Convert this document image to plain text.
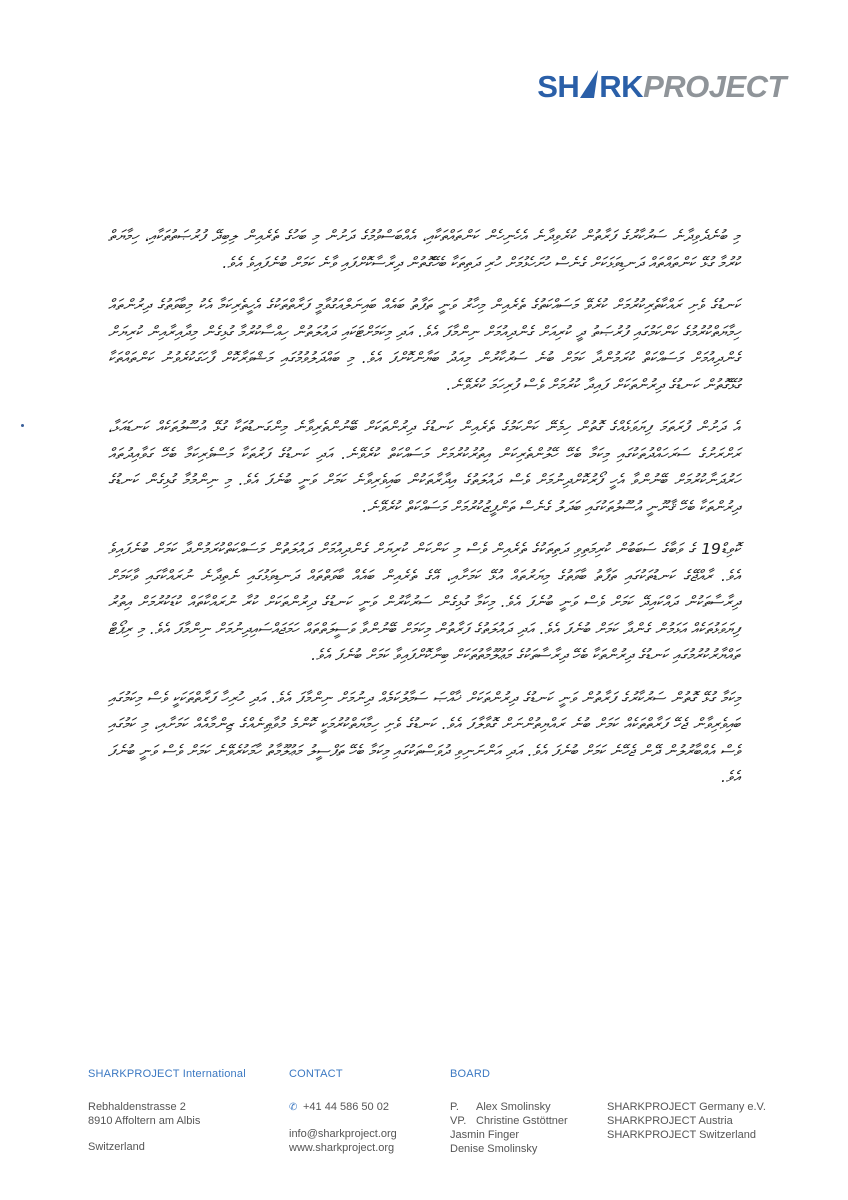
SH RKPROJECT

މި ބުނެދެވިދާނެ ސަރުކާރުގެ ފަރާތުން ކުރެވިދާނެ އެހެނިހެން ކަންތައްތަކާއި، އެއްބަސްވުމުގެ ދަށުން މި ބަހުގެ ތެރެއިން ލިބިދޭ ފުރުޞަތުތަކާއި، ހިމާޔަތް ކުރުމާ ގުޅޭ ކަންތައްތައް ދަނޑިވަޅަކަށް ގެނެސް ހުށަހެޅުމަށް ހުރި ދަތިތަކާ ބެހޭގޮތުން ދިރާސާކޮށްފައި ވާނެ ކަމަށް ބުނެފައިވެ އެވެ.

ކަނޑުގެ ވެށި ރައްކާތެރިކުރުމަށް ކުރެވޭ މަސައްކަތުގެ ތެރެއިން މިހާރު ވަނީ ތަފާތު ބައެއް ބައިނަލްއަގުވާމީ ފަރާތްތަކުގެ އެހީތެރިކަމާ އެކު މިބާވަތުގެ ދިރުންތައް ހިމާޔަތްކުރުމުގެ ކަންކަމުގައި ފުރުޞަތު ދީ ކުރިއަށް ގެންދިއުމަށް ނިންމާފަ އެވެ. އަދި މިކަމަށްޓަކައި ދައުލަތުން ހިއްސާކުރުމާ ގުޅިގެން މިދާއިރާއިން ކުރިޔަށް ގެންދިއުމަށް މަސައްކަތް ކުރަމުންދާ ކަމަށް ބުނެ ސަރުކާރުން މިއަދު ބަޔާންކޮށްފަ އެވެ. މި ބައްދަލުވުމުގައި މަޝްވަރާކޮށް ފާހަގަކުރެވުނު ކަންތައްތަކާ ގުޅޭގޮތުން ކަނޑުގެ ދިރުންތަކަށް ފައިދާ ކުރުމަށް ވެސް ފުރިހަމަ ކުރެވޭނެ.

އެ ދަށުން ފުރަތަމަ ފިޔަވަޅެއްގެ ގޮތުން ހިމެނޭ ކަންކަމުގެ ތެރެއިން ކަނޑުގެ ދިރުންތަކަށް ބޭނުންތެރިވާނެ މިންގަނޑުތަކާ ގުޅޭ އުސޫލުތަކެއް ކަނޑައަޅާ، ރަށްރަށުގެ ސަރަހައްދުތަކުގައި މިކަމާ ބެހޭ ހޭލުންތެރިކަން އިތުރުކުރުމަށް މަސައްކަތް ކުރެވޭނެ. އަދި ކަނޑުގެ ފަރުތަކާ މަސްވެރިކަމާ ބެހޭ ގަވާއިދުތައް ހަރުދަނާކުރުމަށް ބޭނުންވާ އެހީ ފޯރުކޮށްދިނުމަށް ވެސް ދައުލަތުގެ އިދާރާތަކުން ބައިވެރިވާނެ ކަމަށް ވަނީ ބުނެފަ އެވެ. މި ނިންމުމާ ގުޅިގެން ކަނޑުގެ ދިރުންތަކާ ބެހޭ ޤާނޫނީ އުސޫލުތަކުގައި ބަދަލު ގެނެސް ތަންފީޒުކުރުމަށް މަސައްކަތް ކުރެވޭނެ.

ކޮވިޑް19 ގެ ވަބާގެ ސަބަބުން ކުރިމަތިވި ދަތިތަކުގެ ތެރެއިން ވެސް މި ކަންކަން ކުރިޔަށް ގެންދިއުމަށް ދައުލަތުން މަސައްކަތްކުރަމުންދާ ކަމަށް ބުނެފައިވެ އެވެ. ރާއްޖޭގެ ކަނޑުތަކުގައި ތަފާތު ބާވަތުގެ މިޔަރުތައް އުޅޭ ކަމަށާއި، އޭގެ ތެރެއިން ބައެއް ބާވަތްތައް ދަނޑިވަޅުގައި ނެތިދާނެ ނުރައްކާގައި ވާކަމަށް ދިރާސާތަކުން ދައްކައިދޭ ކަމަށް ވެސް ވަނީ ބުނެފަ އެވެ. މިކަމާ ގުޅިގެން ސަރުކާރުން ވަނީ ކަނޑުގެ ދިރުންތަކަށް ކުރާ ނުރައްކާތައް ކުޑަކުރުމަށް އިތުރު ފިޔަވަޅުތަކެއް އަޅަމުން ގެންދާ ކަމަށް ބުނެފަ އެވެ. އަދި ދައުލަތުގެ ފަރާތުން މިކަމަށް ބޭނުންވާ ވަސީލަތްތައް ހަމަޖައްސައިދިނުމަށް ނިންމާފަ އެވެ. މި ރިޕޯޓް ތައްޔާރުކުރުމުގައި ކަނޑުގެ ދިރުންތަކާ ބެހޭ ދިރާސާތަކުގެ މަޢުލޫމާތުތަކަށް ބިނާކޮށްފައިވާ ކަމަށް ބުނެފަ އެވެ.

މިކަމާ ގުޅޭ ގޮތުން ސަރުކާރުގެ ފަރާތުން ވަނީ ކަނޑުގެ ދިރުންތަކަށް ޚާއްޞަ ސަމާލުކަމެއް ދިނުމަށް ނިންމާފަ އެވެ. އަދި ހުރިހާ ފަރާތްތަކަކީ ވެސް މިކަމުގައި ބައިވެރިވާން ޖެހޭ ފަރާތްތަކެއް ކަމަށް ބުނެ ރައްޔިތުންނަށް ގޮވާލާފަ އެވެ. ކަނޑުގެ ވެށި ހިމާޔަތްކުރުމަކީ ކޮންމެ މުވާޠިނެއްގެ ޒިންމާއެއް ކަމަށާއި، މި ކަމުގައި ވެސް އެއްބާރުލުން ދޭން ޖެހޭނެ ކަމަށް ބުނެފަ އެވެ. އަދި އަންނަނިވި ދުވަސްތަކުގައި މިކަމާ ބެހޭ ތަފްސީލު މަޢުލޫމާތު ހާމަކުރެވޭނެ ކަމަށް ވެސް ވަނީ ބުނެފަ އެވެ.

SHARKPROJECT International
Rebhaldenstrasse 2
8910 Affoltern am Albis
Switzerland
CONTACT
✆ +41 44 586 50 02
info@sharkproject.org
www.sharkproject.org
BOARD
P.	Alex Smolinsky
VP. Christine Gstöttner
Jasmin Finger
Denise Smolinsky
SHARKPROJECT Germany e.V.
SHARKPROJECT Austria
SHARKPROJECT Switzerland
